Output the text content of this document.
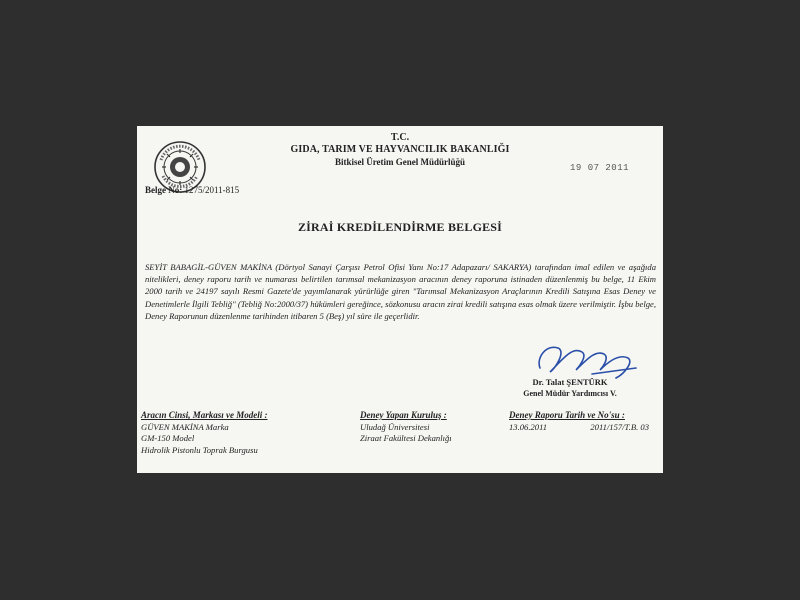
T.C.
GIDA, TARIM VE HAYVANCILIK BAKANLIĞI
Bitkisel Üretim Genel Müdürlüğü
19 07 2011
Belge No: 1275/2011-815
ZİRAİ KREDİLENDİRME BELGESİ
SEYİT BABAGİL-GÜVEN MAKİNA (Dörtyol Sanayi Çarşısı Petrol Ofisi Yanı No:17 Adapazarı/ SAKARYA) tarafından imal edilen ve aşağıda nitelikleri, deney raporu tarih ve numarası belirtilen tarımsal mekanizasyon aracının deney raporuna istinaden düzenlenmiş bu belge, 11 Ekim 2000 tarih ve 24197 sayılı Resmi Gazete'de yayımlanarak yürürlüğe giren "Tarımsal Mekanizasyon Araçlarının Kredili Satışına Esas Deney ve Denetimlerle İlgili Tebliğ" (Tebliğ No:2000/37) hükümleri gereğince, sözkonusu aracın zirai kredili satışına esas olmak üzere verilmiştir. İşbu belge, Deney Raporunun düzenlenme tarihinden itibaren 5 (Beş) yıl süre ile geçerlidir.
Dr. Talat ŞENTÜRK
Genel Müdür Yardımcısı V.
Aracın Cinsi, Markası ve Modeli :
GÜVEN MAKİNA Marka
GM-150 Model
Hidrolik Pistonlu Toprak Burgusu
Deney Yapan Kuruluş :
Uludağ Üniversitesi
Ziraat Fakültesi Dekanlığı
Deney Raporu Tarih ve No'su :
13.06.2011	2011/157/T.B. 03
